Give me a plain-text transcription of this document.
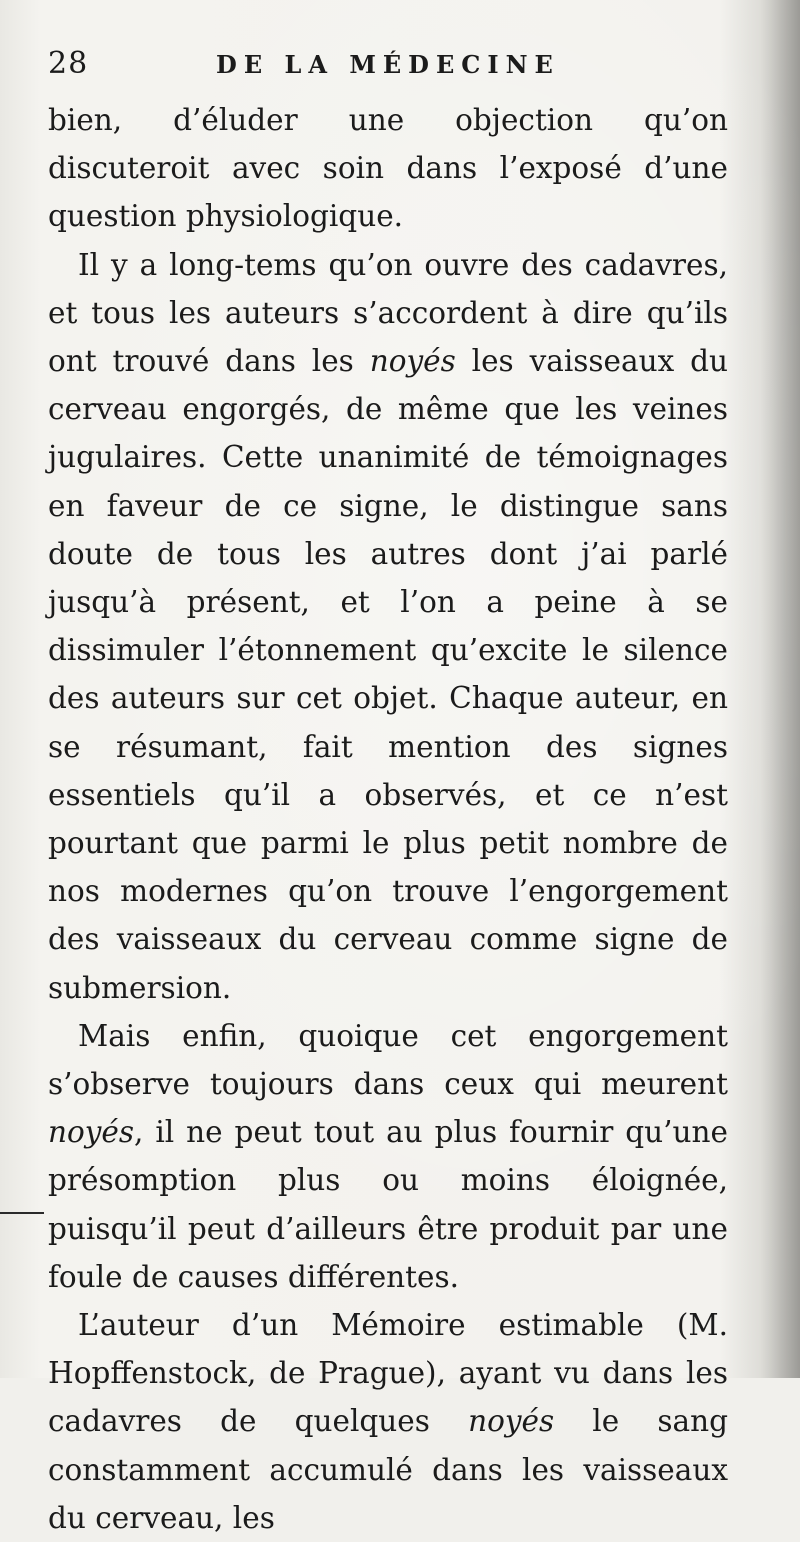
28	DE LA MÉDECINE

bien, d’éluder une objection qu’on discuteroit avec soin dans l’exposé d’une question physiologique.

Il y a long-tems qu’on ouvre des cadavres, et tous les auteurs s’accordent à dire qu’ils ont trouvé dans les noyés les vaisseaux du cerveau engorgés, de même que les veines jugulaires. Cette unanimité de témoignages en faveur de ce signe, le distingue sans doute de tous les autres dont j’ai parlé jusqu’à présent, et l’on a peine à se dissimuler l’étonnement qu’excite le silence des auteurs sur cet objet. Chaque auteur, en se résumant, fait mention des signes essentiels qu’il a observés, et ce n’est pourtant que parmi le plus petit nombre de nos modernes qu’on trouve l’engorgement des vaisseaux du cerveau comme signe de submersion.

Mais enfin, quoique cet engorgement s’observe toujours dans ceux qui meurent noyés, il ne peut tout au plus fournir qu’une présomption plus ou moins éloignée, puisqu’il peut d’ailleurs être produit par une foule de causes différentes.

L’auteur d’un Mémoire estimable (M. Hopffenstock, de Prague), ayant vu dans les cadavres de quelques noyés le sang constamment accumulé dans les vaisseaux du cerveau, les
